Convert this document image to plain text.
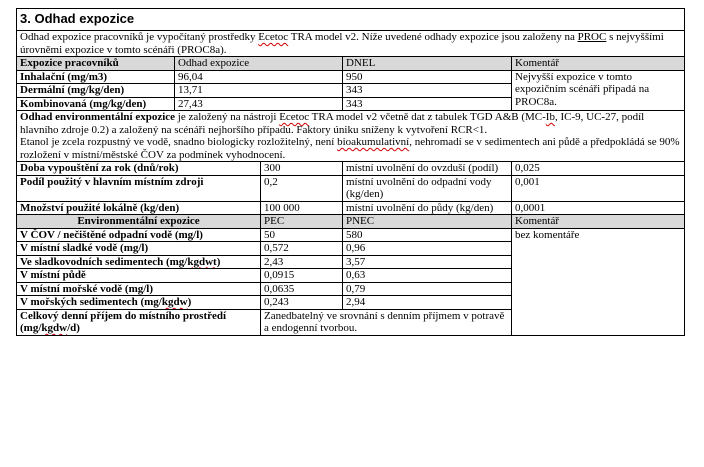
3. Odhad expozice				
Odhad expozice pracovníků je vypočítaný prostředky Ecetoc TRA model v2. Níže uvedené odhady expozice jsou založeny na PROC s nejvyššími úrovněmi expozice v tomto scénáři (PROC8a).				
Expozice pracovníků	Odhad expozice		DNEL	Komentář
Inhalační (mg/m3)	96,04		950	Nejvyšší expozice v tomto expozičním scénáři připadá na PROC8a.
Dermální (mg/kg/den)	13,71		343	
Kombinovaná (mg/kg/den)	27,43		343	

Odhad environmentální expozice je založený na nástroji Ecetoc TRA model v2 včetně dat z tabulek TGD A&B (MC-Ib, IC-9, UC-27, podíl hlavního zdroje 0.2) a založený na scénáři nejhoršího případu. Faktory úniku sníženy k vytvoření RCR<1.

Etanol je zcela rozpustný ve vodě, snadno biologicky rozložitelný, není bioakumulativní, nehromadí se v sedimentech ani půdě a předpokládá se 90% rozložení v místní/městské ČOV za podmínek vyhodnocení.				

Doba vypouštění za rok (dnů/rok)		300	místní uvolnění do ovzduší (podíl)	0,025
Podíl použitý v hlavním místním zdroji		0,2	místní uvolnění do odpadní vody (kg/den)	0,001
Množství použité lokálně (kg/den)		100 000	místní uvolnění do půdy (kg/den)	0,0001
Environmentální expozice		PEC	PNEC	Komentář
V ČOV / nečištěné odpadní vodě (mg/l)		50	580	bez komentáře
V místní sladké vodě (mg/l)		0,572	0,96	
Ve sladkovodních sedimentech (mg/kgdwt)		2,43	3,57	
V místní půdě		0,0915	0,63	
V místní mořské vodě (mg/l)		0,0635	0,79	
V mořských sedimentech (mg/kgdw)		0,243	2,94	
Celkový denní příjem do místního prostředí (mg/kgdw/d)		Zanedbatelný ve srovnání s denním příjmem v potravě a endogenní tvorbou.		
